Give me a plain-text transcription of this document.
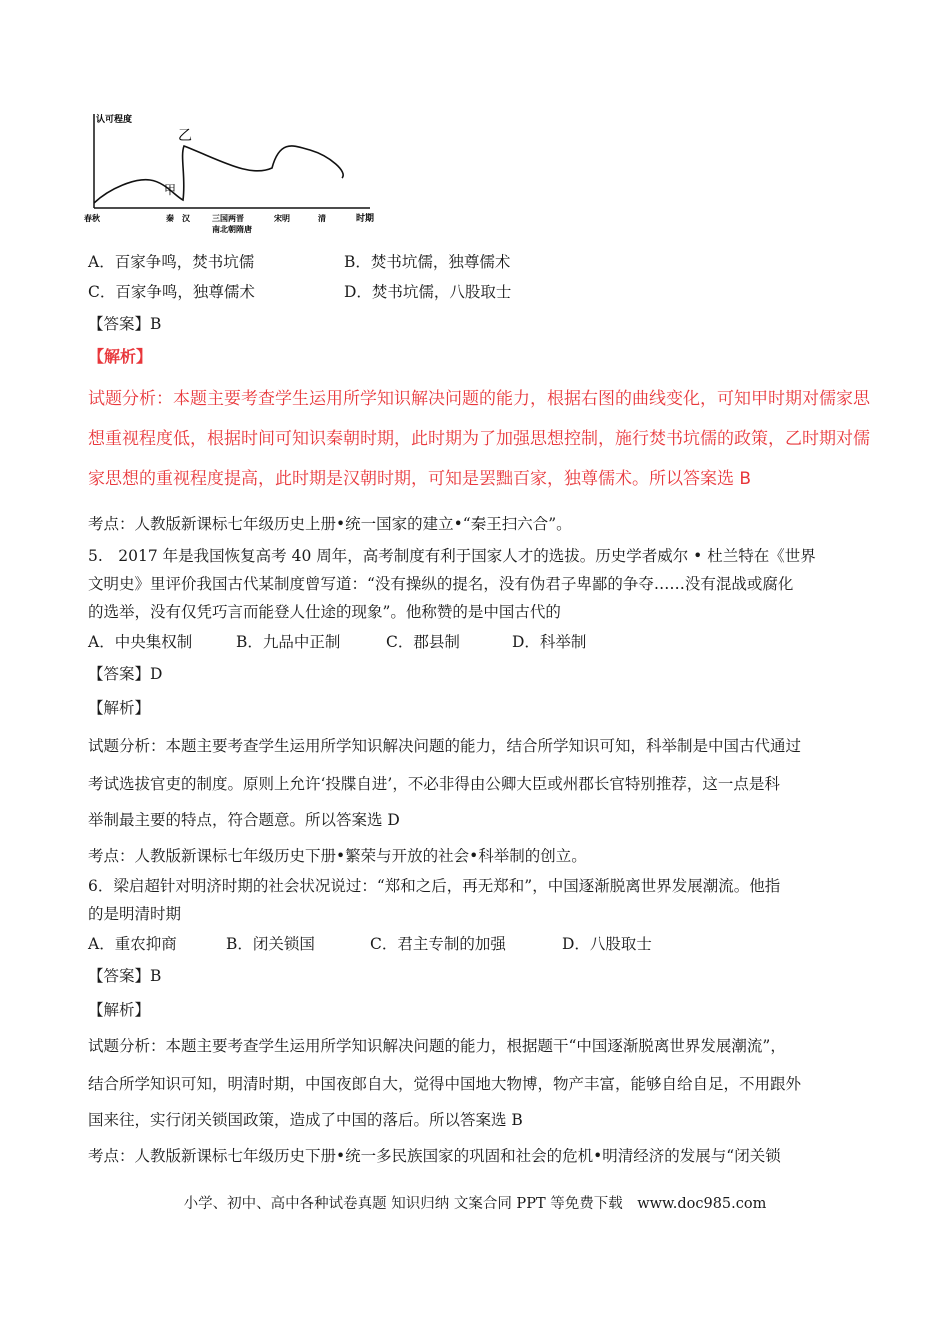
认可程度
甲
乙
时期
春秋	秦 汉	三国两晋
南北朝隋唐
宋明	清
A．百家争鸣，焚书坑儒	B．焚书坑儒，独尊儒术
C．百家争鸣，独尊儒术	D．焚书坑儒，八股取士
【答案】B
【解析】
试题分析：本题主要考查学生运用所学知识解决问题的能力，根据右图的曲线变化，可知甲时期对儒家思
想重视程度低，根据时间可知识秦朝时期，此时期为了加强思想控制，施行焚书坑儒的政策，乙时期对儒
家思想的重视程度提高，此时期是汉朝时期，可知是罢黜百家，独尊儒术。所以答案选 B
考点：人教版新课标七年级历史上册•统一国家的建立•“秦王扫六合”。
5.　2017 年是我国恢复高考 40 周年，高考制度有利于国家人才的选拔。历史学者威尔 • 杜兰特在《世界
文明史》里评价我国古代某制度曾写道：“没有操纵的提名，没有伪君子卑鄙的争夺……没有混战或腐化
的选举，没有仅凭巧言而能登人仕途的现象”。他称赞的是中国古代的
A．中央集权制	B．九品中正制	C．郡县制	D．科举制
【答案】D
【解析】
试题分析：本题主要考查学生运用所学知识解决问题的能力，结合所学知识可知，科举制是中国古代通过
考试选拔官吏的制度。原则上允许‘投牒自进’，不必非得由公卿大臣或州郡长官特别推荐，这一点是科
举制最主要的特点，符合题意。所以答案选 D
考点：人教版新课标七年级历史下册•繁荣与开放的社会•科举制的创立。
6．梁启超针对明济时期的社会状况说过：“郑和之后，再无郑和”，中国逐渐脱离世界发展潮流。他指
的是明清时期
A．重农抑商	B．闭关锁国	C．君主专制的加强	D．八股取士
【答案】B
【解析】
试题分析：本题主要考查学生运用所学知识解决问题的能力，根据题干“中国逐渐脱离世界发展潮流”，
结合所学知识可知，明清时期，中国夜郎自大，觉得中国地大物博，物产丰富，能够自给自足，不用跟外
国来往，实行闭关锁国政策，造成了中国的落后。所以答案选 B
考点：人教版新课标七年级历史下册•统一多民族国家的巩固和社会的危机•明清经济的发展与“闭关锁
小学、初中、高中各种试卷真题 知识归纳 文案合同 PPT 等免费下载　www.doc985.com
